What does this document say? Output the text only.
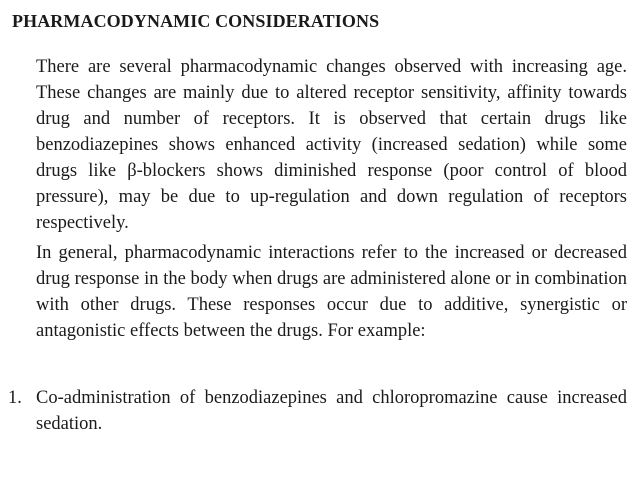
PHARMACODYNAMIC CONSIDERATIONS

There are several pharmacodynamic changes observed with increasing age. These changes are mainly due to altered receptor sensitivity, affinity towards drug and number of receptors. It is observed that certain drugs like benzodiazepines shows enhanced activity (increased sedation) while some drugs like β-blockers shows diminished response (poor control of blood pressure), may be due to up-regulation and down regulation of receptors respectively.

In general, pharmacodynamic interactions refer to the increased or decreased drug response in the body when drugs are administered alone or in combination with other drugs. These responses occur due to additive, synergistic or antagonistic effects between the drugs. For example:

1. Co-administration of benzodiazepines and chloropromazine cause increased sedation.
